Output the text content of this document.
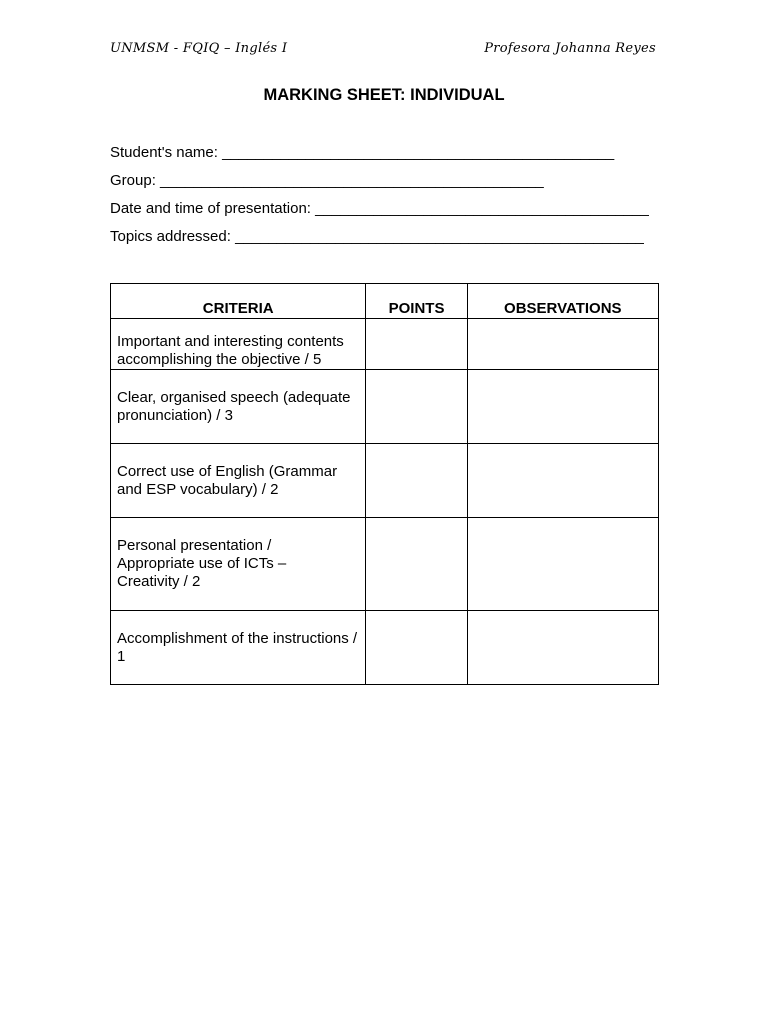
UNMSM - FQIQ – Inglés I	Profesora Johanna Reyes
MARKING SHEET: INDIVIDUAL
Student's name: _______________________________________________
Group: ______________________________________________
Date and time of presentation: ________________________________________
Topics addressed: _________________________________________________
CRITERIA	POINTS	OBSERVATIONS
Important and interesting contents accomplishing the objective / 5		
Clear, organised speech (adequate pronunciation) / 3		
Correct use of English (Grammar and ESP vocabulary) / 2		
Personal presentation / Appropriate use of ICTs – Creativity / 2		
Accomplishment of the instructions / 1		
